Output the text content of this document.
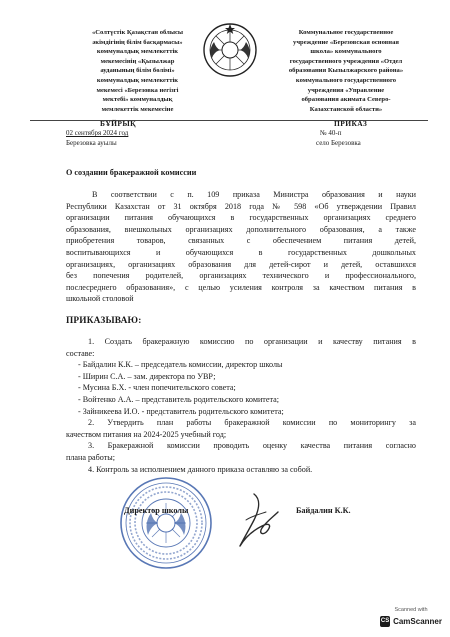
«Солтүстік Қазақстан облысы
әкімдігінің білім басқармасы»
коммуналдық мемлекеттік
мекемесінің «Қызылжар
ауданының білім бөлімі»
коммуналдық мемлекеттік
мекемесі «Березовка негізгі
мектебі» коммуналдық
мемлекеттік мекемесіне
Коммунальное государственное
учреждение «Березовская основная
школа» коммунального
государственного учреждения «Отдел
образования Кызылжарского района»
коммунального государственного
учреждения «Управление
образования акимата Северо-
Казахстанской области»
БҰЙРЫҚ	ПРИКАЗ
02 сентября 2024 год	№ 40-п
Березовка ауылы	село Березовка
О создании бракеражной комиссии
В соответствии с п. 109 приказа Министра образования и науки
Республики Казахстан от 31 октября 2018 года № 598 «Об утверждении Правил
организации питания обучающихся в государственных организациях среднего
образования, внешкольных организациях дополнительного образования, а также
приобретения товаров, связанных с обеспечением питания детей,
воспитывающихся и обучающихся в государственных дошкольных
организациях, организациях образования для детей-сирот и детей, оставшихся
без попечения родителей, организациях технического и профессионального,
послесреднего образования», с целью усиления контроля за качеством питания в
школьной столовой
ПРИКАЗЫВАЮ:
1. Создать бракеражную комиссию по организации и качеству питания в
составе:
- Байдалин К.К. – председатель комиссии, директор школы
- Ширин С.А. – зам. директора по УВР;
- Мусина Б.Х. - член попечительского совета;
- Войтенко А.А. – представитель родительского комитета;
- Зайникеева И.О. - представитель родительского комитета;
2. Утвердить план работы бракеражной комиссии по мониторингу за
качеством питания на 2024-2025 учебный год;
3. Бракеражной комиссии проводить оценку качества питания согласно
плана работы;
4. Контроль за исполнением данного приказа оставляю за собой.
Директор школы	Байдалин К.К.
Scanned with
CS CamScanner
